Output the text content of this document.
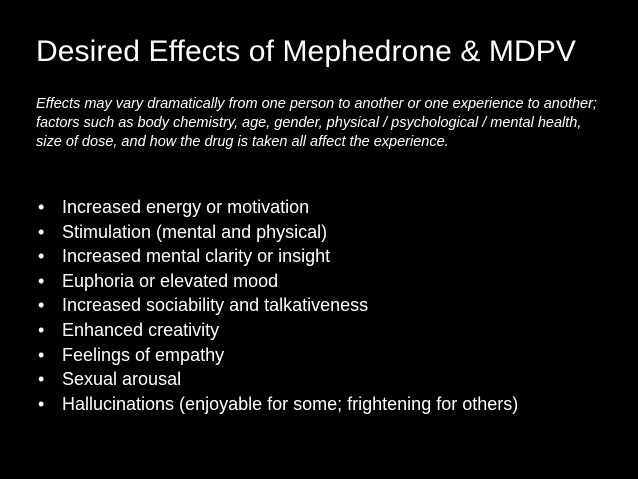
Desired Effects of Mephedrone & MDPV
Effects may vary dramatically from one person to another or one experience to another; factors such as body chemistry, age, gender, physical / psychological / mental health, size of dose, and how the drug is taken all affect the experience.
• Increased energy or motivation
• Stimulation (mental and physical)
• Increased mental clarity or insight
• Euphoria or elevated mood
• Increased sociability and talkativeness
• Enhanced creativity
• Feelings of empathy
• Sexual arousal
• Hallucinations (enjoyable for some; frightening for others)
